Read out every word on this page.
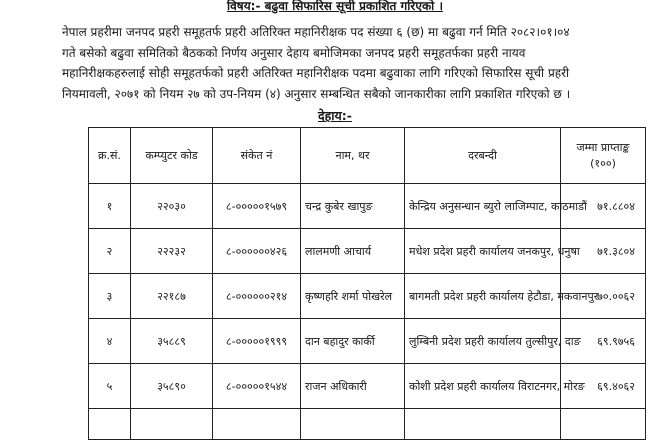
विषय:- बढुवा सिफारिस सूची प्रकाशित गरिएको ।

नेपाल प्रहरीमा जनपद प्रहरी समूहतर्फ प्रहरी अतिरिक्त महानिरीक्षक पद संख्या ६ (छ) मा बढुवा गर्न मिति २०८२।०१।०४
गते बसेको बढुवा समितिको बैठकको निर्णय अनुसार देहाय बमोजिमका जनपद प्रहरी समूहतर्फका प्रहरी नायव
महानिरीक्षकहरुलाई सोही समूहतर्फको प्रहरी अतिरिक्त महानिरीक्षक पदमा बढुवाका लागि गरिएको सिफारिस सूची प्रहरी
नियमावली, २०७१ को नियम २७ को उप-नियम (४) अनुसार सम्बन्धित सबैको जानकारीका लागि प्रकाशित गरिएको छ ।

देहाय:-
क्र.सं.	कम्प्युटर कोड	संकेत नं	नाम, थर	दरबन्दी	जम्मा प्राप्ताङ्क
(१००)

१	२२०३०	८-०००००१५७९	चन्द्र कुबेर खापुङ	केन्द्रिय अनुसन्धान ब्युरो लाजिम्पाट, काठमाडौं	७१.८८०४
२	२२२३२	८-००००००४२६	लालमणी आचार्य	मधेश प्रदेश प्रहरी कार्यालय जनकपुर, धनुषा	७१.३८०४
३	२२१८७	८-००००००२१४	कृष्णहरि शर्मा पोखरेल	बागमती प्रदेश प्रहरी कार्यालय हेटौडा, मकवानपुर	७०.००६२
४	३५८८९	८-०००००१९९९	दान बहादुर कार्की	लुम्बिनी प्रदेश प्रहरी कार्यालय तुल्सीपुर, दाङ	६९.९७५६
५	३५८९०	८-०००००१५४४	राजन अधिकारी	कोशी प्रदेश प्रहरी कार्यालय विराटनगर, मोरङ	६९.४०६२
